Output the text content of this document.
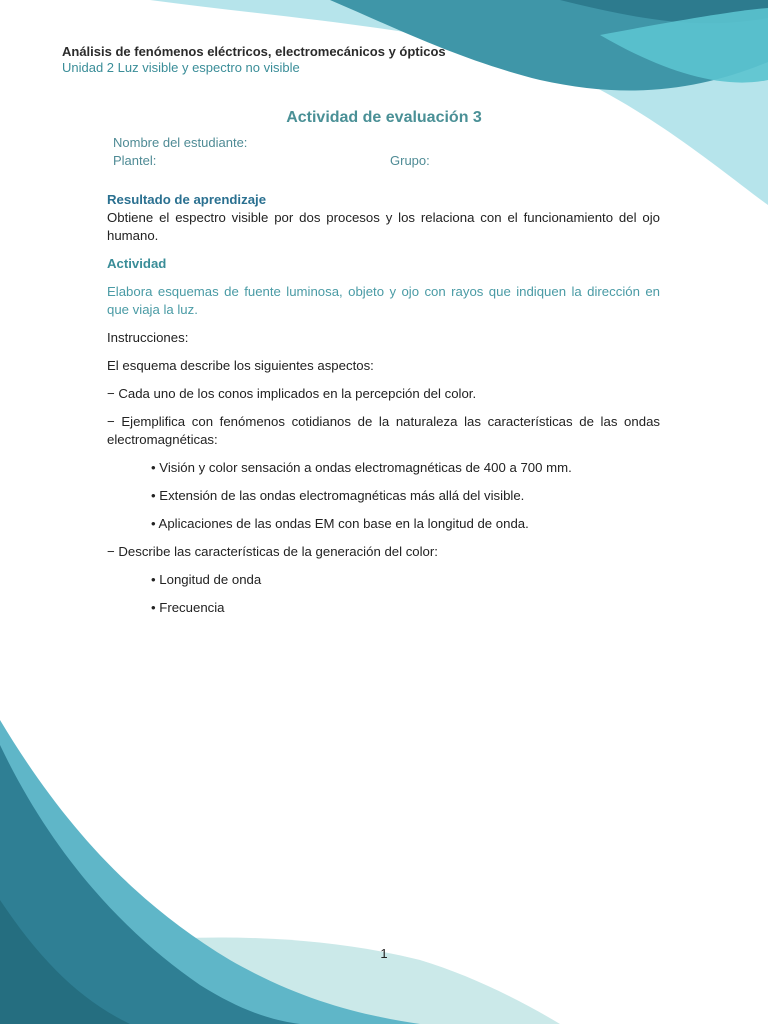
Análisis de fenómenos eléctricos, electromecánicos y ópticos
Unidad 2 Luz visible y espectro no visible
Actividad de evaluación 3
Nombre del estudiante:
Plantel:	Grupo:

Resultado de aprendizaje

Obtiene el espectro visible por dos procesos y los relaciona con el funcionamiento del ojo humano.

Actividad

Elabora esquemas de fuente luminosa, objeto y ojo con rayos que indiquen la dirección en que viaja la luz.

Instrucciones:

El esquema describe los siguientes aspectos:

− Cada uno de los conos implicados en la percepción del color.

− Ejemplifica con fenómenos cotidianos de la naturaleza las características de las ondas electromagnéticas:

• Visión y color sensación a ondas electromagnéticas de 400 a 700 mm.

• Extensión de las ondas electromagnéticas más allá del visible.

• Aplicaciones de las ondas EM con base en la longitud de onda.

− Describe las características de la generación del color:

• Longitud de onda

• Frecuencia

1
